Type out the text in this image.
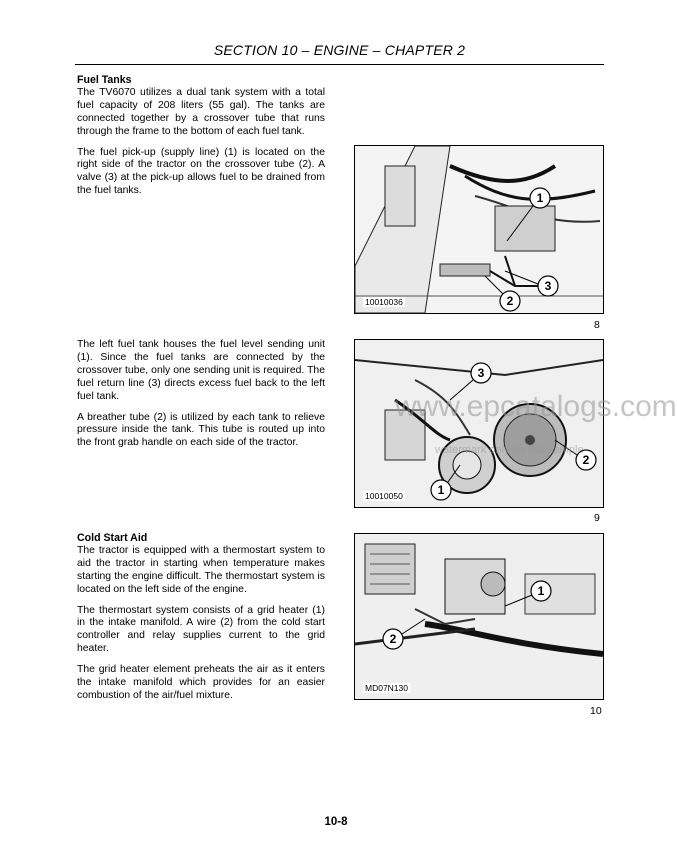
SECTION 10 – ENGINE – CHAPTER 2
Fuel Tanks

The TV6070 utilizes a dual tank system with a total fuel capacity of 208 liters (55 gal). The tanks are connected together by a crossover tube that runs through the frame to the bottom of each fuel tank.

The fuel pick-up (supply line) (1) is located on the right side of the tractor on the crossover tube (2). A valve (3) at the pick-up allows fuel to be drained from the fuel tanks.

The left fuel tank houses the fuel level sending unit (1). Since the fuel tanks are connected by the crossover tube, only one sending unit is required. The fuel return line (3) directs excess fuel back to the left fuel tank.

A breather tube (2) is utilized by each tank to relieve pressure inside the tank. This tube is routed up into the front grab handle on each side of the tractor.

Cold Start Aid

The tractor is equipped with a thermostart system to aid the tractor in starting when temperature makes starting the engine difficult. The thermostart system is located on the left side of the engine.

The thermostart system consists of a grid heater (1) in the intake manifold. A wire (2) from the cold start controller and relay supplies current to the grid heater.

The grid heater element preheats the air as it enters the intake manifold which provides for an easier combustion of the air/fuel mixture.

1
3
2
10010036
8
3
2
1
10010050
www.epcatalogs.com
watermark only on this sample
9
1
2
MD07N130
10
10-8
